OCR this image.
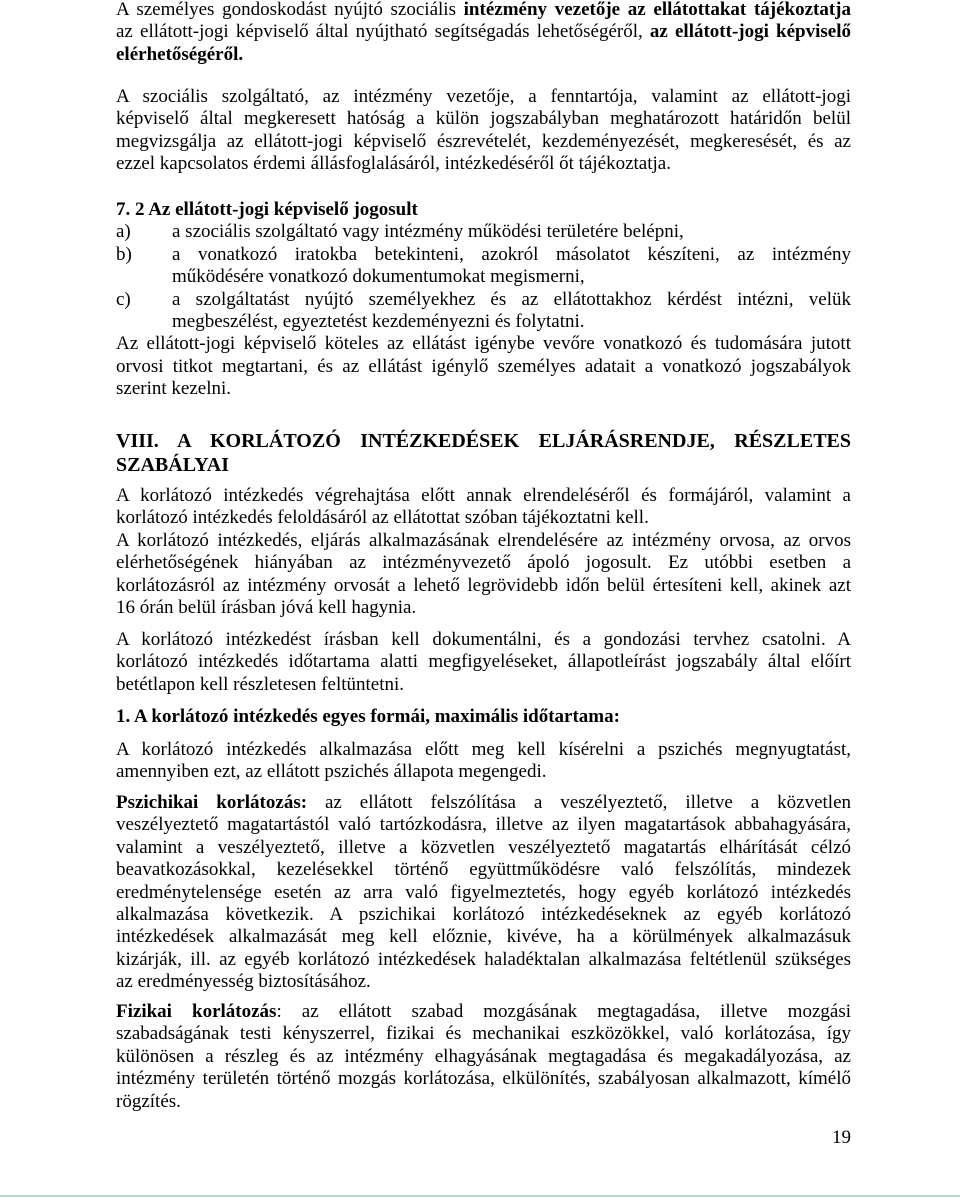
A személyes gondoskodást nyújtó szociális intézmény vezetője az ellátottakat tájékoztatja
az ellátott-jogi képviselő által nyújtható segítségadás lehetőségéről, az ellátott-jogi képviselő
elérhetőségéről.
A szociális szolgáltató, az intézmény vezetője, a fenntartója, valamint az ellátott-jogi
képviselő által megkeresett hatóság a külön jogszabályban meghatározott határidőn belül
megvizsgálja az ellátott-jogi képviselő észrevételét, kezdeményezését, megkeresését, és az
ezzel kapcsolatos érdemi állásfoglalásáról, intézkedéséről őt tájékoztatja.
7. 2 Az ellátott-jogi képviselő jogosult
a) a szociális szolgáltató vagy intézmény működési területére belépni,
b) a vonatkozó iratokba betekinteni, azokról másolatot készíteni, az intézmény
működésére vonatkozó dokumentumokat megismerni,
c) a szolgáltatást nyújtó személyekhez és az ellátottakhoz kérdést intézni, velük
megbeszélést, egyeztetést kezdeményezni és folytatni.
Az ellátott-jogi képviselő köteles az ellátást igénybe vevőre vonatkozó és tudomására jutott
orvosi titkot megtartani, és az ellátást igénylő személyes adatait a vonatkozó jogszabályok
szerint kezelni.
VIII. A KORLÁTOZÓ INTÉZKEDÉSEK ELJÁRÁSRENDJE, RÉSZLETES
SZABÁLYAI
A korlátozó intézkedés végrehajtása előtt annak elrendeléséről és formájáról, valamint a
korlátozó intézkedés feloldásáról az ellátottat szóban tájékoztatni kell.
A korlátozó intézkedés, eljárás alkalmazásának elrendelésére az intézmény orvosa, az orvos
elérhetőségének hiányában az intézményvezető ápoló jogosult. Ez utóbbi esetben a
korlátozásról az intézmény orvosát a lehető legrövidebb időn belül értesíteni kell, akinek azt
16 órán belül írásban jóvá kell hagynia.
A korlátozó intézkedést írásban kell dokumentálni, és a gondozási tervhez csatolni. A
korlátozó intézkedés időtartama alatti megfigyeléseket, állapotleírást jogszabály által előírt
betétlapon kell részletesen feltüntetni.
1. A korlátozó intézkedés egyes formái, maximális időtartama:
A korlátozó intézkedés alkalmazása előtt meg kell kísérelni a pszichés megnyugtatást,
amennyiben ezt, az ellátott pszichés állapota megengedi.
Pszichikai korlátozás: az ellátott felszólítása a veszélyeztető, illetve a közvetlen
veszélyeztető magatartástól való tartózkodásra, illetve az ilyen magatartások abbahagyására,
valamint a veszélyeztető, illetve a közvetlen veszélyeztető magatartás elhárítását célzó
beavatkozásokkal, kezelésekkel történő együttműködésre való felszólítás, mindezek
eredménytelensége esetén az arra való figyelmeztetés, hogy egyéb korlátozó intézkedés
alkalmazása következik. A pszichikai korlátozó intézkedéseknek az egyéb korlátozó
intézkedések alkalmazását meg kell előznie, kivéve, ha a körülmények alkalmazásuk
kizárják, ill. az egyéb korlátozó intézkedések haladéktalan alkalmazása feltétlenül szükséges
az eredményesség biztosításához.
Fizikai korlátozás: az ellátott szabad mozgásának megtagadása, illetve mozgási
szabadságának testi kényszerrel, fizikai és mechanikai eszközökkel, való korlátozása, így
különösen a részleg és az intézmény elhagyásának megtagadása és megakadályozása, az
intézmény területén történő mozgás korlátozása, elkülönítés, szabályosan alkalmazott, kímélő
rögzítés.
19
